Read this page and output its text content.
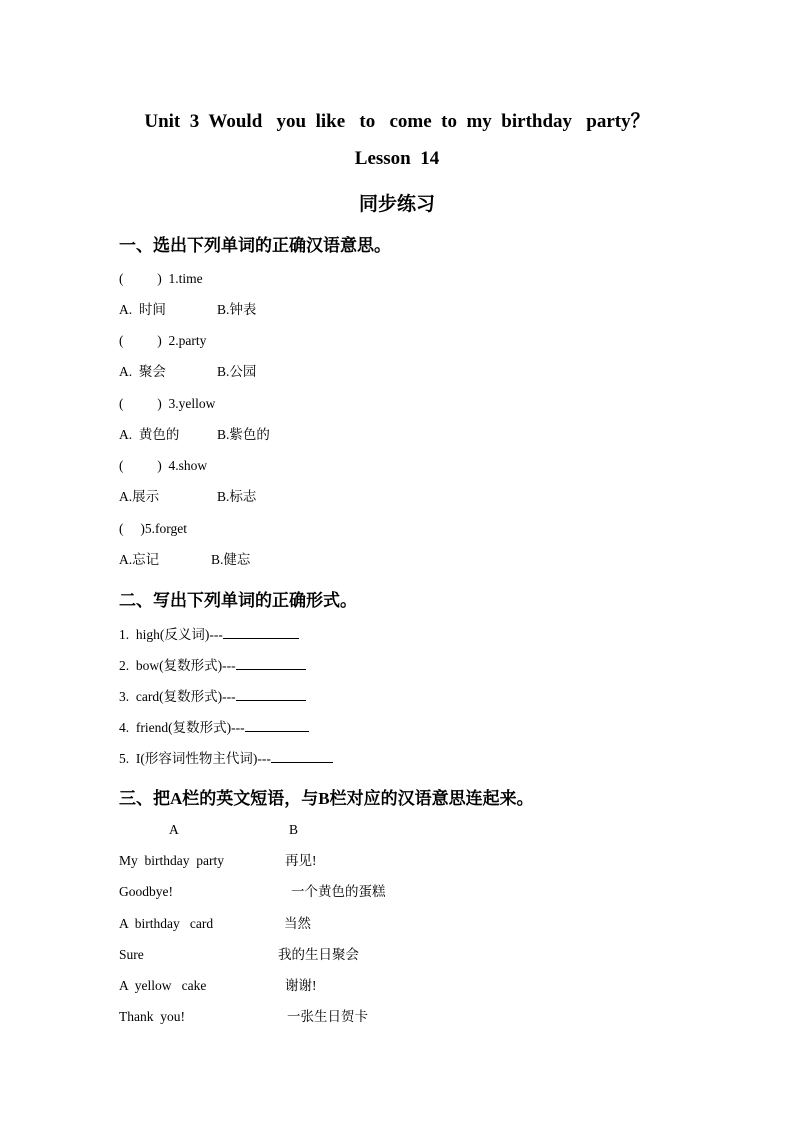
Unit  3  Would   you  like   to   come  to  my  birthday   party？
Lesson  14
同步练习
一、选出下列单词的正确汉语意思。
(          )  1.time
A.  时间	B.钟表
(          )  2.party
A.  聚会	B.公园
(          )  3.yellow
A.  黄色的	B.紫色的
(          )  4.show
A.展示	B.标志
(     )5.forget
A.忘记	B.健忘
二、写出下列单词的正确形式。
1.  high(反义词)---
2.  bow(复数形式)---
3.  card(复数形式)---
4.  friend(复数形式)---
5.  I(形容词性物主代词)---
三、把A栏的英文短语，与B栏对应的汉语意思连起来。
A	B
My  birthday  party	再见!
Goodbye!	一个黄色的蛋糕
A  birthday   card	当然
Sure	我的生日聚会
A  yellow   cake	谢谢!
Thank  you!	一张生日贺卡
